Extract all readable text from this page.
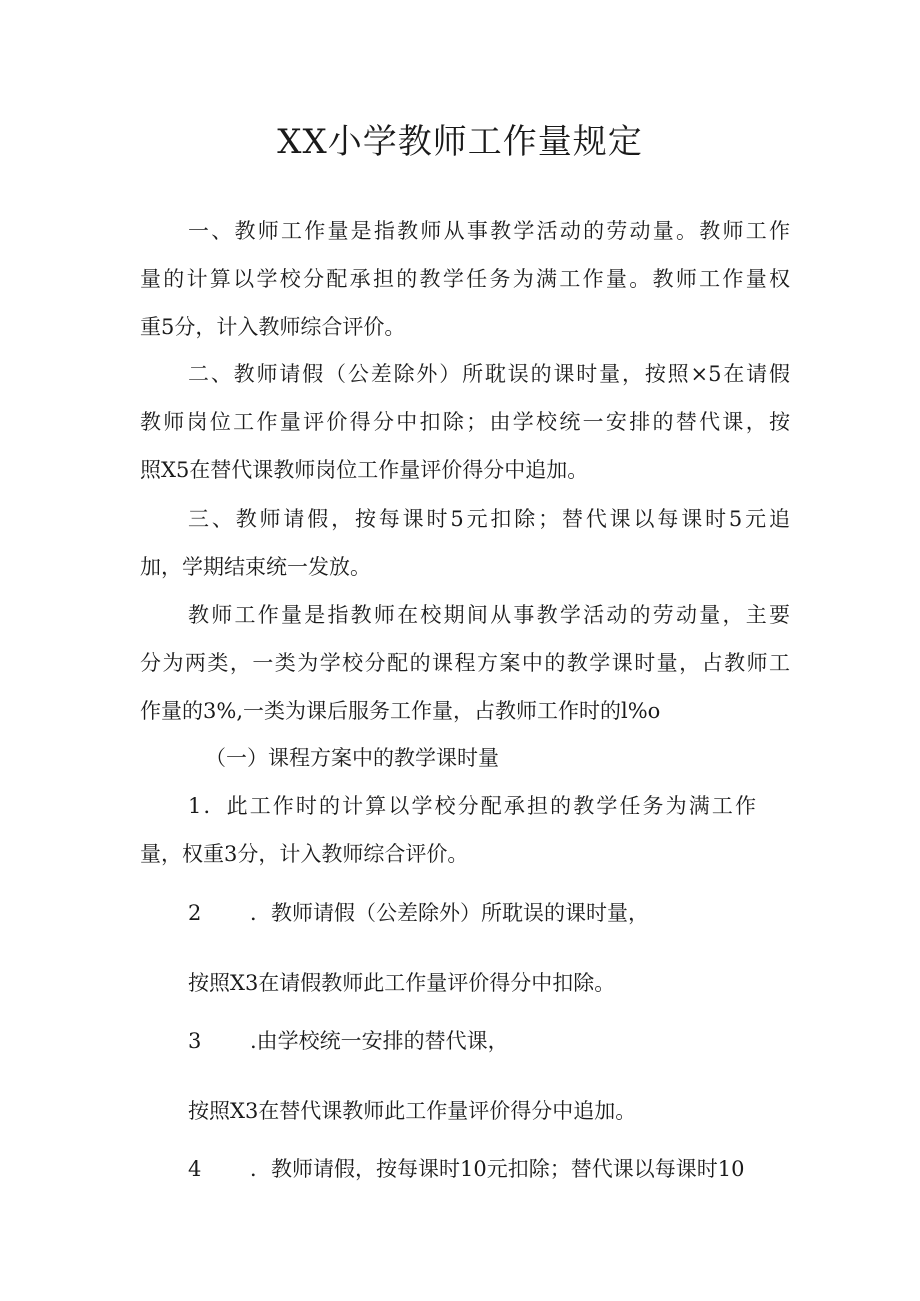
XX小学教师工作量规定
一、教师工作量是指教师从事教学活动的劳动量。教师工作
量的计算以学校分配承担的教学任务为满工作量。教师工作量权
重5分，计入教师综合评价。
二、教师请假（公差除外）所耽误的课时量，按照×5在请假
教师岗位工作量评价得分中扣除；由学校统一安排的替代课，按
照X5在替代课教师岗位工作量评价得分中追加。
三、教师请假，按每课时5元扣除；替代课以每课时5元追
加，学期结束统一发放。
教师工作量是指教师在校期间从事教学活动的劳动量，主要
分为两类，一类为学校分配的课程方案中的教学课时量，占教师工
作量的3%,一类为课后服务工作量，占教师工作时的l%o
（一）课程方案中的教学课时量
1．此工作时的计算以学校分配承担的教学任务为满工作
量，权重3分，计入教师综合评价。
2 ．教师请假（公差除外）所耽误的课时量，
按照X3在请假教师此工作量评价得分中扣除。
3 .由学校统一安排的替代课，
按照X3在替代课教师此工作量评价得分中追加。
4 ．教师请假，按每课时10元扣除；替代课以每课时10
